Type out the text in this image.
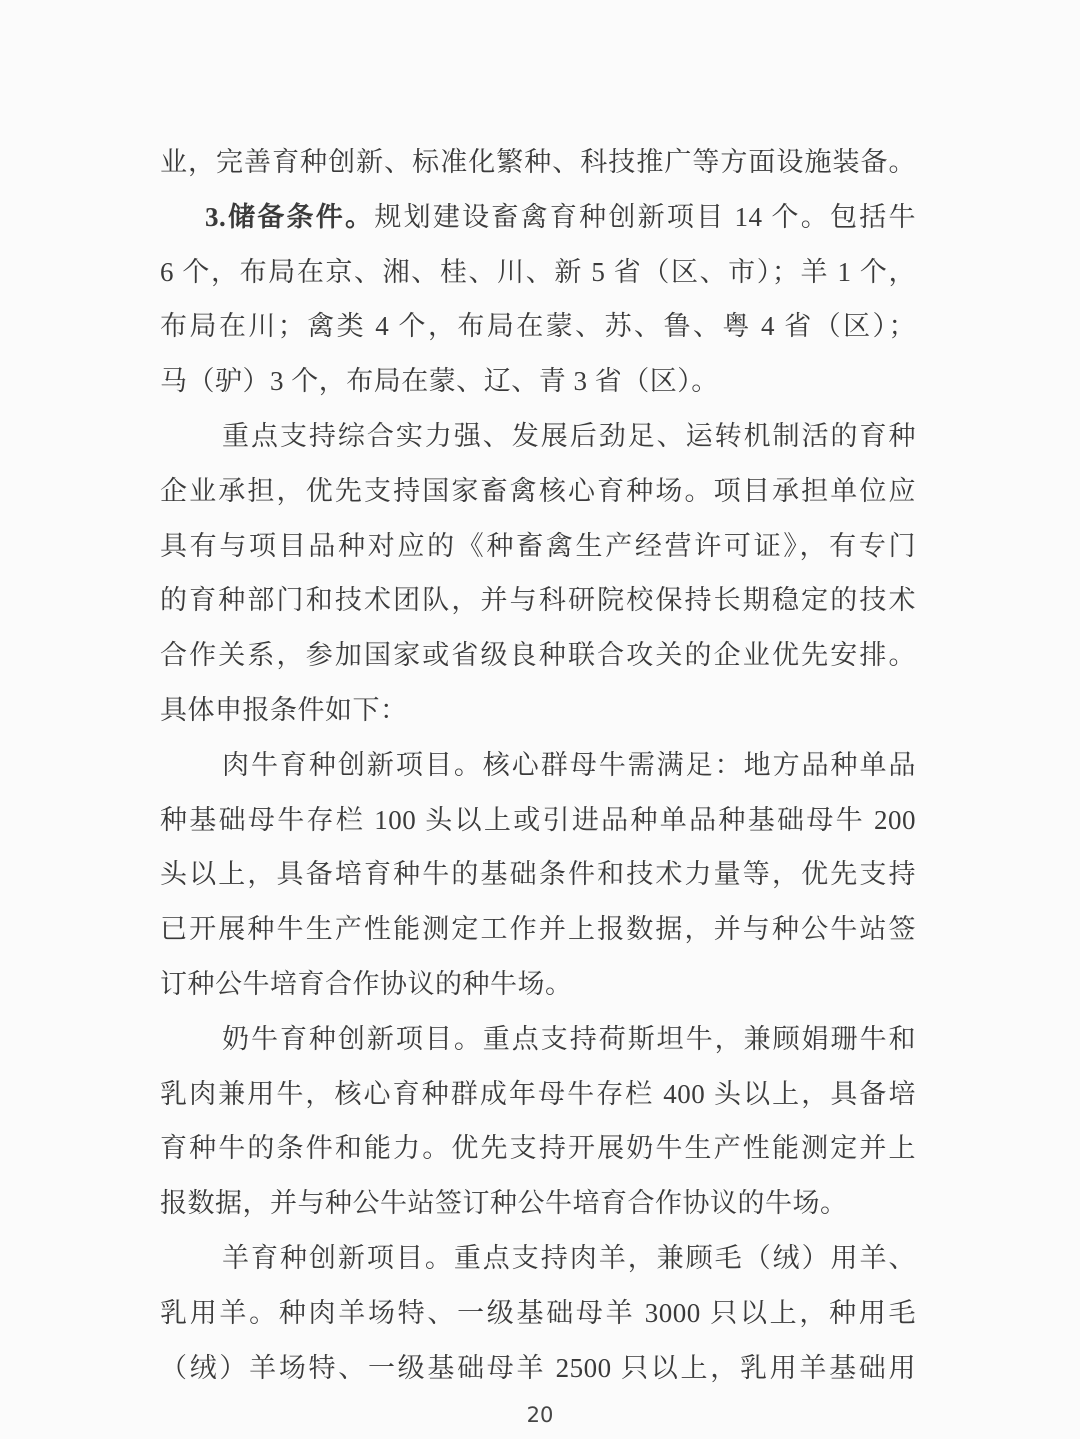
业，完善育种创新、标准化繁种、科技推广等方面设施装备。
3.储备条件。规划建设畜禽育种创新项目 14 个。包括牛
6 个，布局在京、湘、桂、川、新 5 省（区、市）；羊 1 个，
布局在川；禽类 4 个，布局在蒙、苏、鲁、粤 4 省（区）；
马（驴）3 个，布局在蒙、辽、青 3 省（区）。
重点支持综合实力强、发展后劲足、运转机制活的育种
企业承担，优先支持国家畜禽核心育种场。项目承担单位应
具有与项目品种对应的《种畜禽生产经营许可证》，有专门
的育种部门和技术团队，并与科研院校保持长期稳定的技术
合作关系，参加国家或省级良种联合攻关的企业优先安排。
具体申报条件如下：
肉牛育种创新项目。核心群母牛需满足：地方品种单品
种基础母牛存栏 100 头以上或引进品种单品种基础母牛 200
头以上，具备培育种牛的基础条件和技术力量等，优先支持
已开展种牛生产性能测定工作并上报数据，并与种公牛站签
订种公牛培育合作协议的种牛场。
奶牛育种创新项目。重点支持荷斯坦牛，兼顾娟珊牛和
乳肉兼用牛，核心育种群成年母牛存栏 400 头以上，具备培
育种牛的条件和能力。优先支持开展奶牛生产性能测定并上
报数据，并与种公牛站签订种公牛培育合作协议的牛场。
羊育种创新项目。重点支持肉羊，兼顾毛（绒）用羊、
乳用羊。种肉羊场特、一级基础母羊 3000 只以上，种用毛
（绒）羊场特、一级基础母羊 2500 只以上，乳用羊基础用
20
